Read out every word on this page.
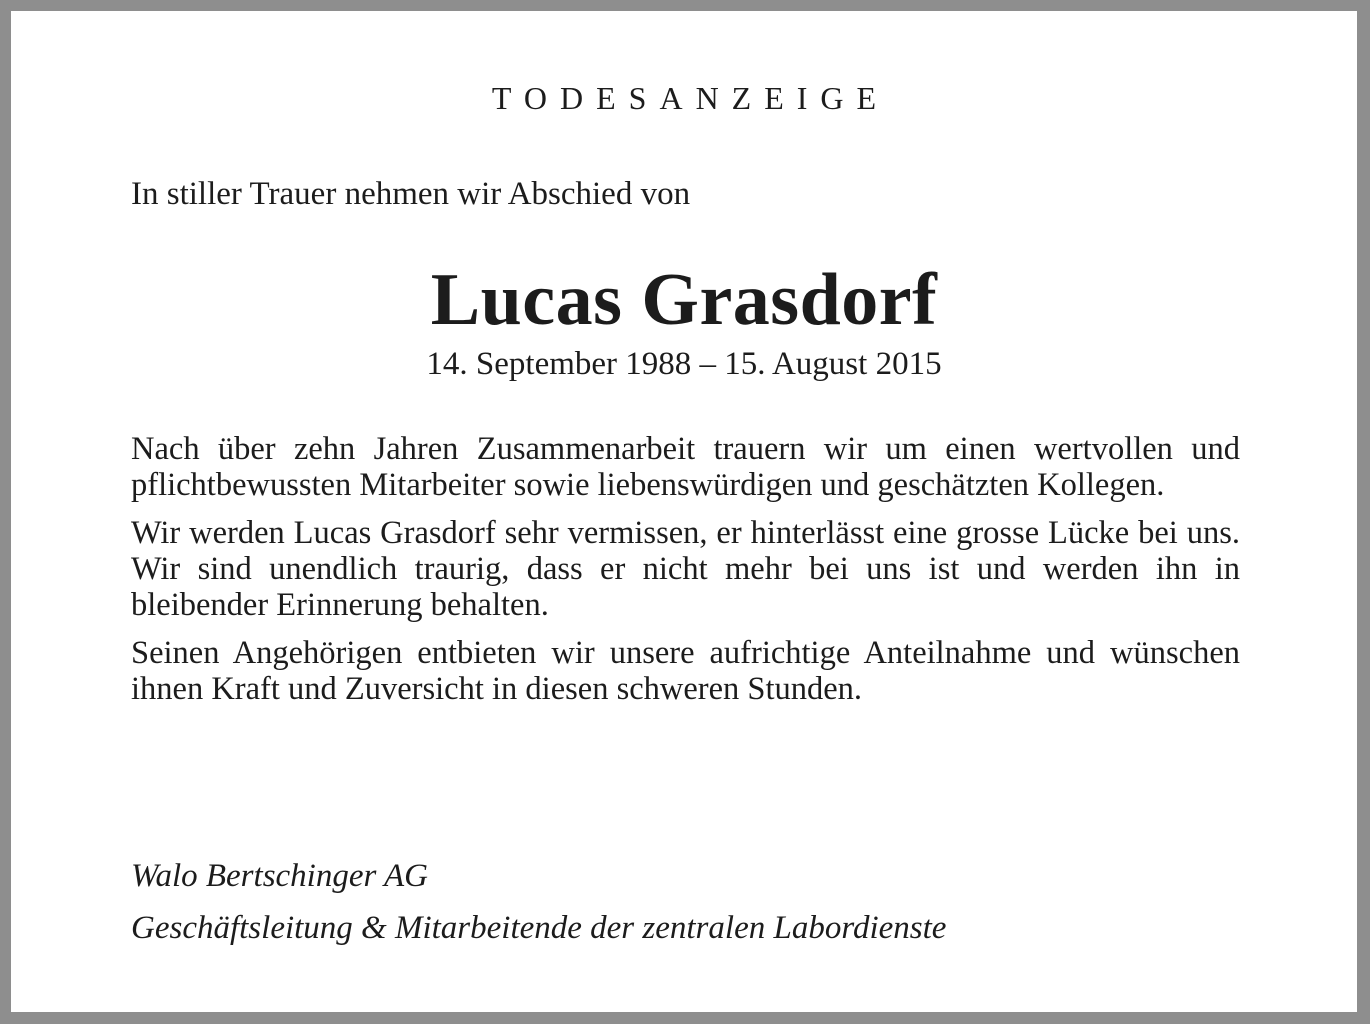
TODESANZEIGE
In stiller Trauer nehmen wir Abschied von
Lucas Grasdorf
14. September 1988 – 15. August 2015

Nach über zehn Jahren Zusammenarbeit trauern wir um einen wertvollen und pflichtbewussten Mitarbeiter sowie liebenswürdigen und geschätzten Kollegen.

Wir werden Lucas Grasdorf sehr vermissen, er hinterlässt eine grosse Lücke bei uns. Wir sind unendlich traurig, dass er nicht mehr bei uns ist und werden ihn in bleibender Erinnerung behalten.

Seinen Angehörigen entbieten wir unsere aufrichtige Anteilnahme und wünschen ihnen Kraft und Zuversicht in diesen schweren Stunden.

Walo Bertschinger AG
Geschäftsleitung & Mitarbeitende der zentralen Labordienste
